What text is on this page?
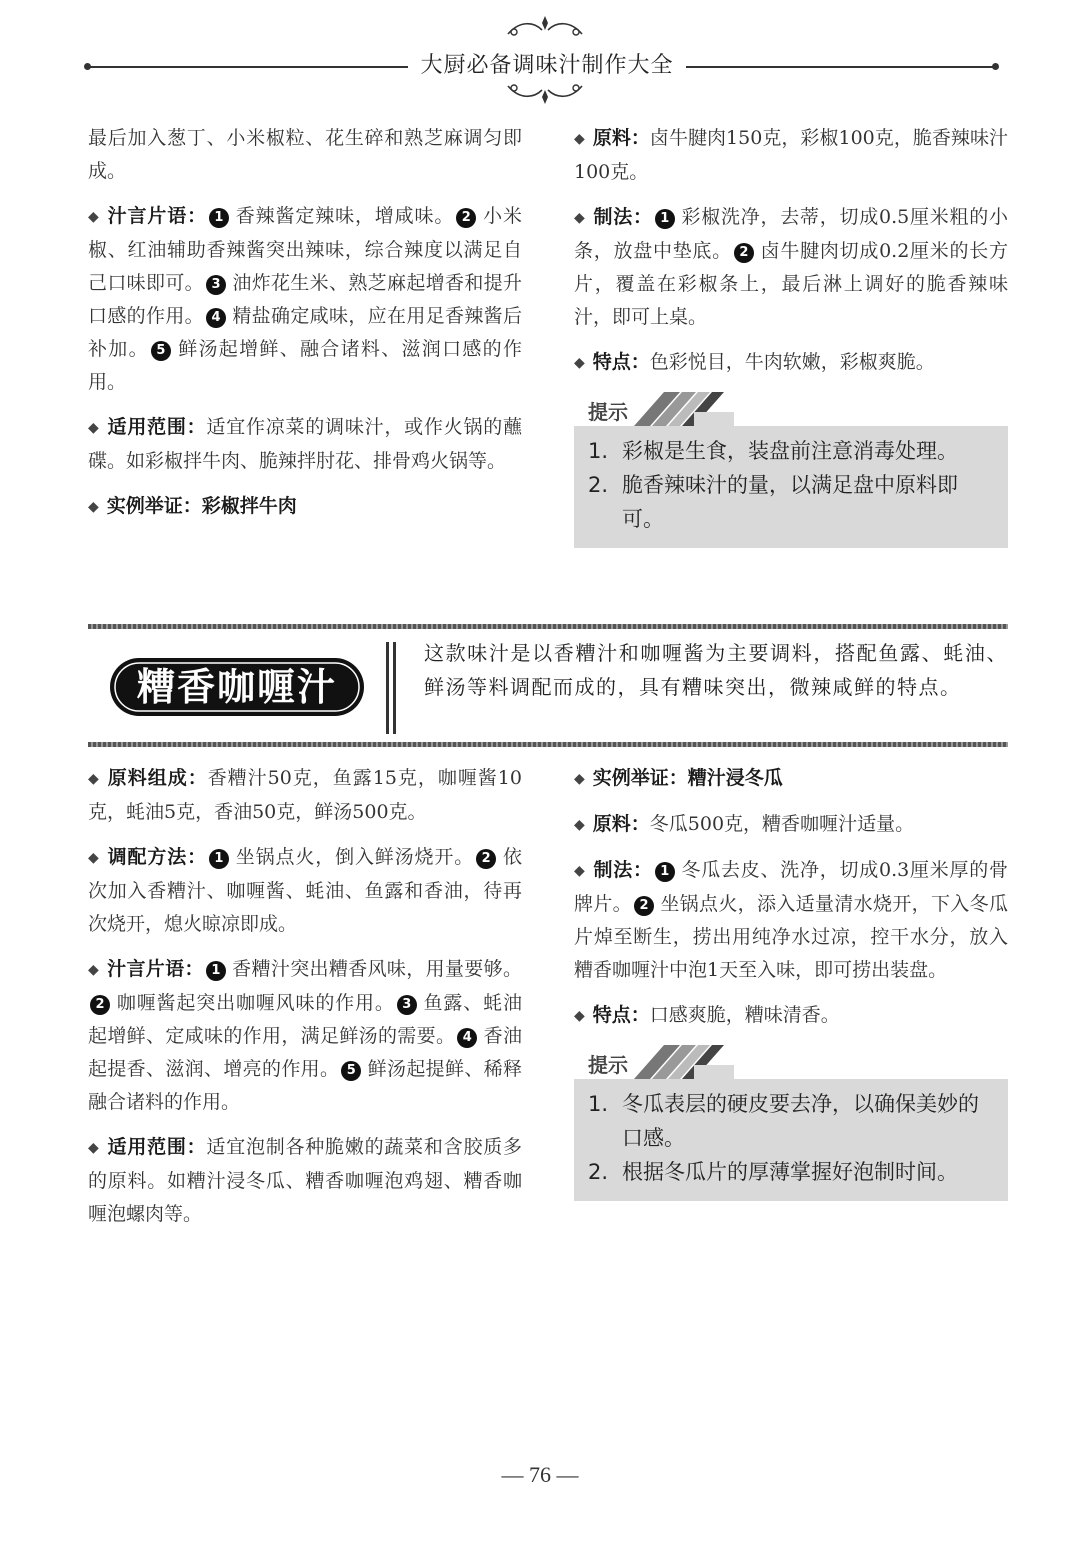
大厨必备调味汁制作大全

最后加入葱丁、小米椒粒、花生碎和熟芝麻调匀即成。

◆ 汁言片语： 1 香辣酱定辣味，增咸味。 2 小米椒、红油辅助香辣酱突出辣味，综合辣度以满足自己口味即可。 3 油炸花生米、熟芝麻起增香和提升口感的作用。 4 精盐确定咸味，应在用足香辣酱后补加。 5 鲜汤起增鲜、融合诸料、滋润口感的作用。

◆ 适用范围：适宜作凉菜的调味汁，或作火锅的蘸碟。如彩椒拌牛肉、脆辣拌肘花、排骨鸡火锅等。

◆ 实例举证：彩椒拌牛肉

◆ 原料：卤牛腱肉150克，彩椒100克，脆香辣味汁100克。

◆ 制法： 1 彩椒洗净，去蒂，切成0.5厘米粗的小条，放盘中垫底。 2 卤牛腱肉切成0.2厘米的长方片，覆盖在彩椒条上，最后淋上调好的脆香辣味汁，即可上桌。

◆ 特点：色彩悦目，牛肉软嫩，彩椒爽脆。

提示
1. 彩椒是生食，装盘前注意消毒处理。
2. 脆香辣味汁的量，以满足盘中原料即可。
糟香咖喱汁
这款味汁是以香糟汁和咖喱酱为主要调料，搭配鱼露、蚝油、鲜汤等料调配而成的，具有糟味突出，微辣咸鲜的特点。

◆ 原料组成：香糟汁50克，鱼露15克，咖喱酱10克，蚝油5克，香油50克，鲜汤500克。

◆ 调配方法： 1 坐锅点火，倒入鲜汤烧开。 2 依次加入香糟汁、咖喱酱、蚝油、鱼露和香油，待再次烧开，熄火晾凉即成。

◆ 汁言片语： 1 香糟汁突出糟香风味，用量要够。2 咖喱酱起突出咖喱风味的作用。 3 鱼露、蚝油起增鲜、定咸味的作用，满足鲜汤的需要。 4 香油起提香、滋润、增亮的作用。 5 鲜汤起提鲜、稀释融合诸料的作用。

◆ 适用范围：适宜泡制各种脆嫩的蔬菜和含胶质多的原料。如糟汁浸冬瓜、糟香咖喱泡鸡翅、糟香咖喱泡螺肉等。

◆ 实例举证：糟汁浸冬瓜

◆ 原料：冬瓜500克，糟香咖喱汁适量。

◆ 制法： 1 冬瓜去皮、洗净，切成0.3厘米厚的骨牌片。 2 坐锅点火，添入适量清水烧开，下入冬瓜片焯至断生，捞出用纯净水过凉，控干水分，放入糟香咖喱汁中泡1天至入味，即可捞出装盘。

◆ 特点：口感爽脆，糟味清香。

提示
1. 冬瓜表层的硬皮要去净，以确保美妙的口感。
2. 根据冬瓜片的厚薄掌握好泡制时间。
— 76 —
